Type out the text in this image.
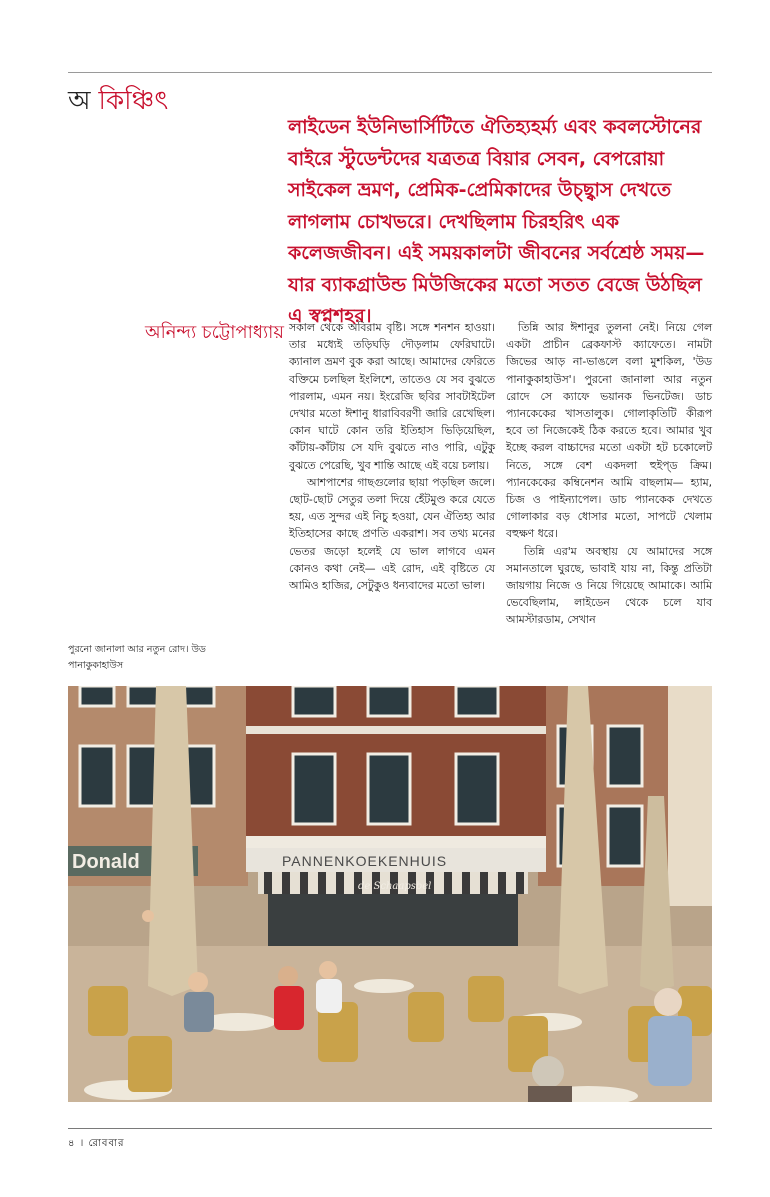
অ কিঞ্চিৎ

লাইডেন ইউনিভার্সিটিতে ঐতিহ্যহর্ম্য এবং কবলস্টোনের বাইরে স্টুডেন্টদের যত্রতত্র বিয়ার সেবন, বেপরোয়া সাইকেল ভ্রমণ, প্রেমিক-প্রেমিকাদের উচ্ছ্বাস দেখতে লাগলাম চোখভরে। দেখছিলাম চিরহরিৎ এক কলেজজীবন। এই সময়কালটা জীবনের সর্বশ্রেষ্ঠ সময়— যার ব্যাকগ্রাউন্ড মিউজিকের মতো সতত বেজে উঠছিল এ স্বপ্নশহর।

অনিন্দ্য চট্টোপাধ্যায় সকাল থেকে অবিরাম বৃষ্টি। সঙ্গে শনশন হাওয়া। তার মধ্যেই তড়িঘড়ি দৌড়লাম ফেরিঘাটে। ক্যানাল ভ্রমণ বুক করা আছে। আমাদের ফেরিতে বক্তিমে চলছিল ইংলিশে, তাতেও যে সব বুঝতে পারলাম, এমন নয়। ইংরেজি ছবির সাবটাইটেল দেখার মতো ঈশানু ধারাবিবরণী জারি রেখেছিল। কোন ঘাটে কোন তরি ইতিহাস ভিড়িয়েছিল, কাঁটায়-কাঁটায় সে যদি বুঝতে নাও পারি, এটুকু বুঝতে পেরেছি, খুব শান্তি আছে এই বয়ে চলায়।

আশপাশের গাছগুলোর ছায়া পড়ছিল জলে। ছোট-ছোট সেতুর তলা দিয়ে হেঁটমুণ্ড করে যেতে হয়, এত সুন্দর এই নিচু হওয়া, যেন ঐতিহ্য আর ইতিহাসের কাছে প্রণতি একরাশ। সব তথ্য মনের ভেতর জড়ো হলেই যে ভাল লাগবে এমন কোনও কথা নেই— এই রোদ, এই বৃষ্টিতে যে আমিও হাজির, সেটুকুও ধন্যবাদের মতো ভাল।

তিন্নি আর ঈশানুর তুলনা নেই। নিয়ে গেল একটা প্রাচীন ব্রেকফাস্ট ক্যাফেতে। নামটা জিভের আড় না-ভাঙলে বলা মুশকিল, 'উড পানাকুকাহাউস'। পুরনো জানালা আর নতুন রোদে সে ক্যাফে ভয়ানক ভিনটেজ। ডাচ প্যানকেকের খাসতালুক। গোলাকৃতিটি কীরূপ হবে তা নিজেকেই ঠিক করতে হবে। আমার খুব ইচ্ছে করল বাচ্চাদের মতো একটা হট চকোলেট নিতে, সঙ্গে বেশ একদলা হুইপ্‌ড ক্রিম। প্যানকেকের কম্বিনেশন আমি বাছলাম— হ্যাম, চিজ ও পাইন্যাপেল। ডাচ প্যানকেক দেখতে গোলাকার বড় ধোসার মতো, সাপটে খেলাম বহুক্ষণ ধরে।

তিন্নি এর'ম অবস্থায় যে আমাদের সঙ্গে সমানতালে ঘুরছে, ভাবাই যায় না, কিন্তু প্রতিটা জায়গায় নিজে ও নিয়ে গিয়েছে আমাকে। আমি ভেবেছিলাম, লাইডেন থেকে চলে যাব আমস্টারডাম, সেখান

পুরনো জানালা আর নতুন রোদ। উড পানাকুকাহাউস

Donald	PANNENKOEKENHUIS
de Schaapsbel
৪ । রোববার
